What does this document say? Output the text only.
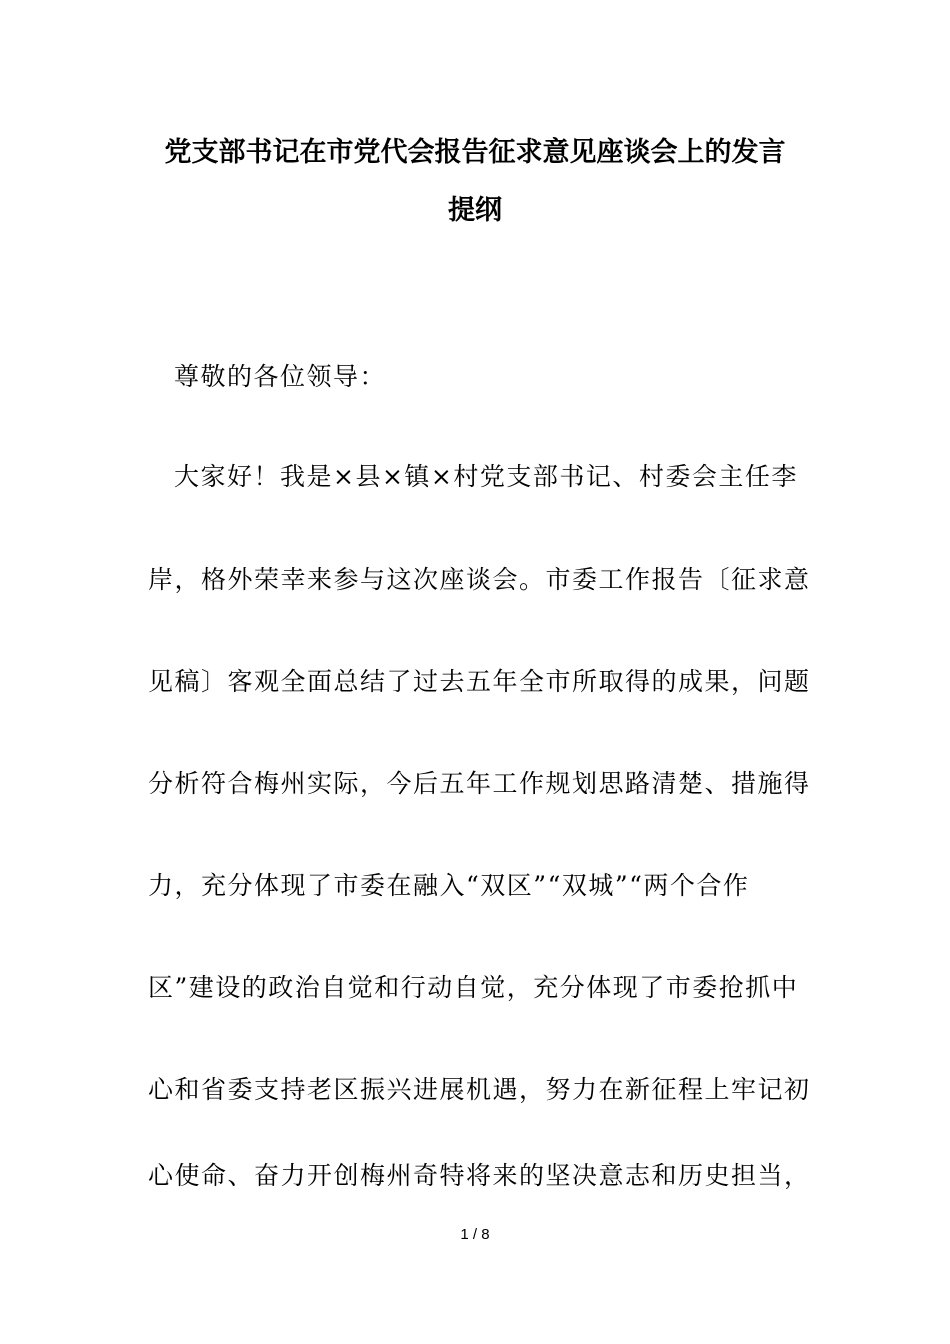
党支部书记在市党代会报告征求意见座谈会上的发言
提纲
尊敬的各位领导：
大家好！我是×县×镇×村党支部书记、村委会主任李
岸，格外荣幸来参与这次座谈会。市委工作报告〔征求意
见稿〕客观全面总结了过去五年全市所取得的成果，问题
分析符合梅州实际，今后五年工作规划思路清楚、措施得
力，充分体现了市委在融入“双区”“双城”“两个合作
区”建设的政治自觉和行动自觉，充分体现了市委抢抓中
心和省委支持老区振兴进展机遇，努力在新征程上牢记初
心使命、奋力开创梅州奇特将来的坚决意志和历史担当，
1 / 8
